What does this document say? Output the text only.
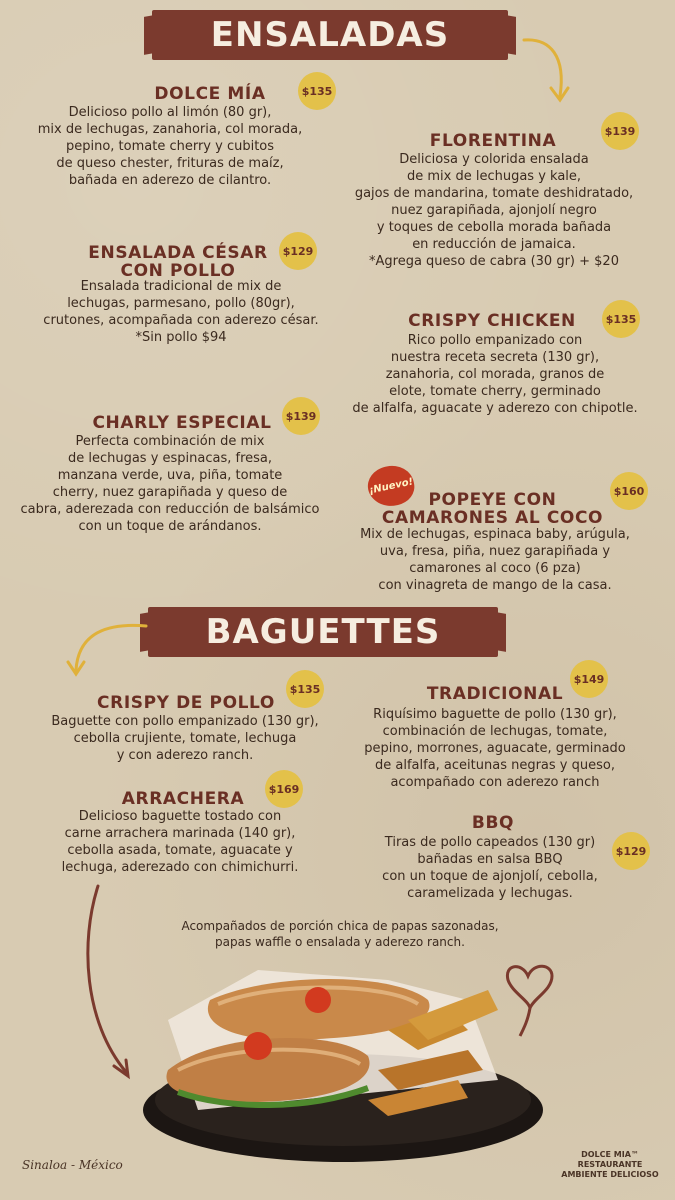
ENSALADAS
BAGUETTES
DOLCE MÍA	$135
Delicioso pollo al limón (80 gr),
mix de lechugas, zanahoria, col morada,
pepino, tomate cherry y cubitos
de queso chester, frituras de maíz,
bañada en aderezo de cilantro.
FLORENTINA	$139
Deliciosa y colorida ensalada
de mix de lechugas y kale,
gajos de mandarina, tomate deshidratado,
nuez garapiñada, ajonjolí negro
y toques de cebolla morada bañada
en reducción de jamaica.
*Agrega queso de cabra (30 gr) + $20
ENSALADA CÉSAR
CON POLLO
$129
Ensalada tradicional de mix de
lechugas, parmesano, pollo (80gr),
crutones, acompañada con aderezo césar.
*Sin pollo $94
CRISPY CHICKEN	$135
Rico pollo empanizado con
nuestra receta secreta (130 gr),
zanahoria, col morada, granos de
elote, tomate cherry, germinado
de alfalfa, aguacate y aderezo con chipotle.
CHARLY ESPECIAL	$139
Perfecta combinación de mix
de lechugas y espinacas, fresa,
manzana verde, uva, piña, tomate
cherry, nuez garapiñada y queso de
cabra, aderezada con reducción de balsámico
con un toque de arándanos.
¡Nuevo!
POPEYE CON
CAMARONES AL COCO
$160
Mix de lechugas, espinaca baby, arúgula,
uva, fresa, piña, nuez garapiñada y
camarones al coco (6 pza)
con vinagreta de mango de la casa.
CRISPY DE POLLO
$135
Baguette con pollo empanizado (130 gr),
cebolla crujiente, tomate, lechuga
y con aderezo ranch.
TRADICIONAL
$149
Riquísimo baguette de pollo (130 gr),
combinación de lechugas, tomate,
pepino, morrones, aguacate, germinado
de alfalfa, aceitunas negras y queso,
acompañado con aderezo ranch
ARRACHERA	$169
Delicioso baguette tostado con
carne arrachera marinada (140 gr),
cebolla asada, tomate, aguacate y
lechuga, aderezado con chimichurri.
BBQ
$129
Tiras de pollo capeados (130 gr)
bañadas en salsa BBQ
con un toque de ajonjolí, cebolla,
caramelizada y lechugas.
Acompañados de porción chica de papas sazonadas,
papas waffle o ensalada y aderezo ranch.
Sinaloa - México
DOLCE MIA™ RESTAURANTE
AMBIENTE DELICIOSO
